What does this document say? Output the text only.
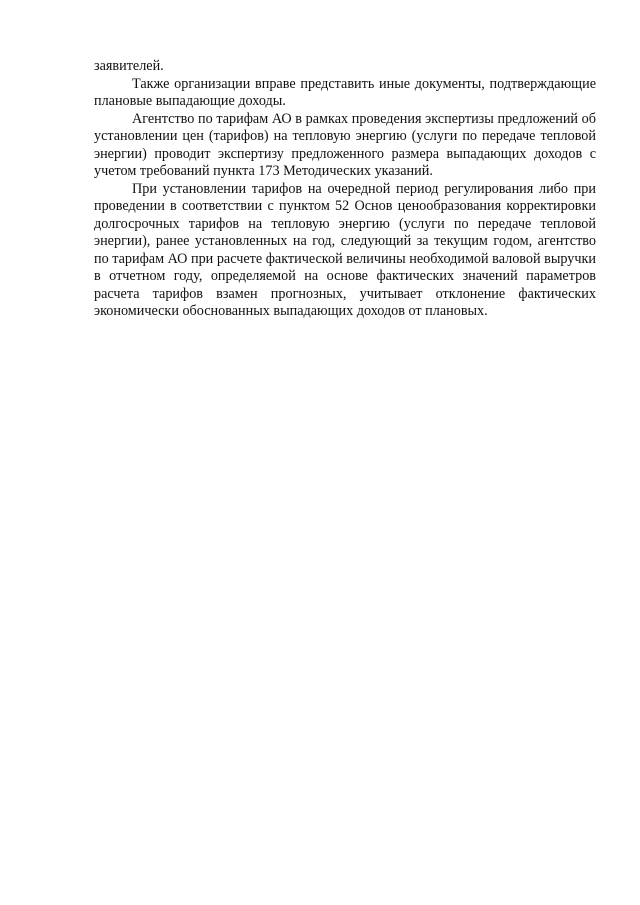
заявителей.

Также организации вправе представить иные документы, подтверждающие плановые выпадающие доходы.

Агентство по тарифам АО в рамках проведения экспертизы предложений об установлении цен (тарифов) на тепловую энергию (услуги по передаче тепловой энергии) проводит экспертизу предложенного размера выпадающих доходов с учетом требований пункта 173 Методических указаний.

При установлении тарифов на очередной период регулирования либо при проведении в соответствии с пунктом 52 Основ ценообразования корректировки долгосрочных тарифов на тепловую энергию (услуги по передаче тепловой энергии), ранее установленных на год, следующий за текущим годом, агентство по тарифам АО при расчете фактической величины необходимой валовой выручки в отчетном году, определяемой на основе фактических значений параметров расчета тарифов взамен прогнозных, учитывает отклонение фактических экономически обоснованных выпадающих доходов от плановых.
